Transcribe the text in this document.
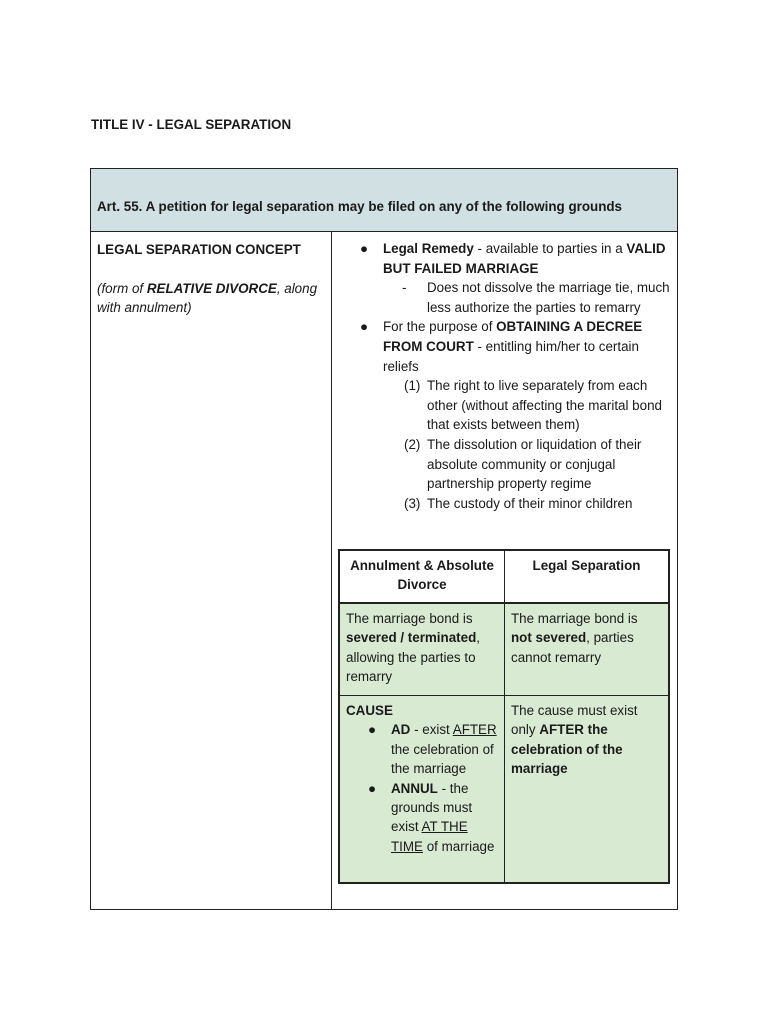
TITLE IV - LEGAL SEPARATION
Art. 55. A petition for legal separation may be filed on any of the following grounds
LEGAL SEPARATION CONCEPT
(form of RELATIVE DIVORCE, along with annulment)
● Legal Remedy - available to parties in a VALID BUT FAILED MARRIAGE
- Does not dissolve the marriage tie, much less authorize the parties to remarry
● For the purpose of OBTAINING A DECREE FROM COURT - entitling him/her to certain reliefs
(1) The right to live separately from each other (without affecting the marital bond that exists between them)
(2) The dissolution or liquidation of their absolute community or conjugal partnership property regime
(3) The custody of their minor children
Annulment & Absolute Divorce
Legal Separation
The marriage bond is severed / terminated, allowing the parties to remarry
The marriage bond is not severed, parties cannot remarry
CAUSE
● AD - exist AFTER the celebration of the marriage
● ANNUL - the grounds must exist AT THE TIME of marriage
The cause must exist only AFTER the celebration of the marriage
